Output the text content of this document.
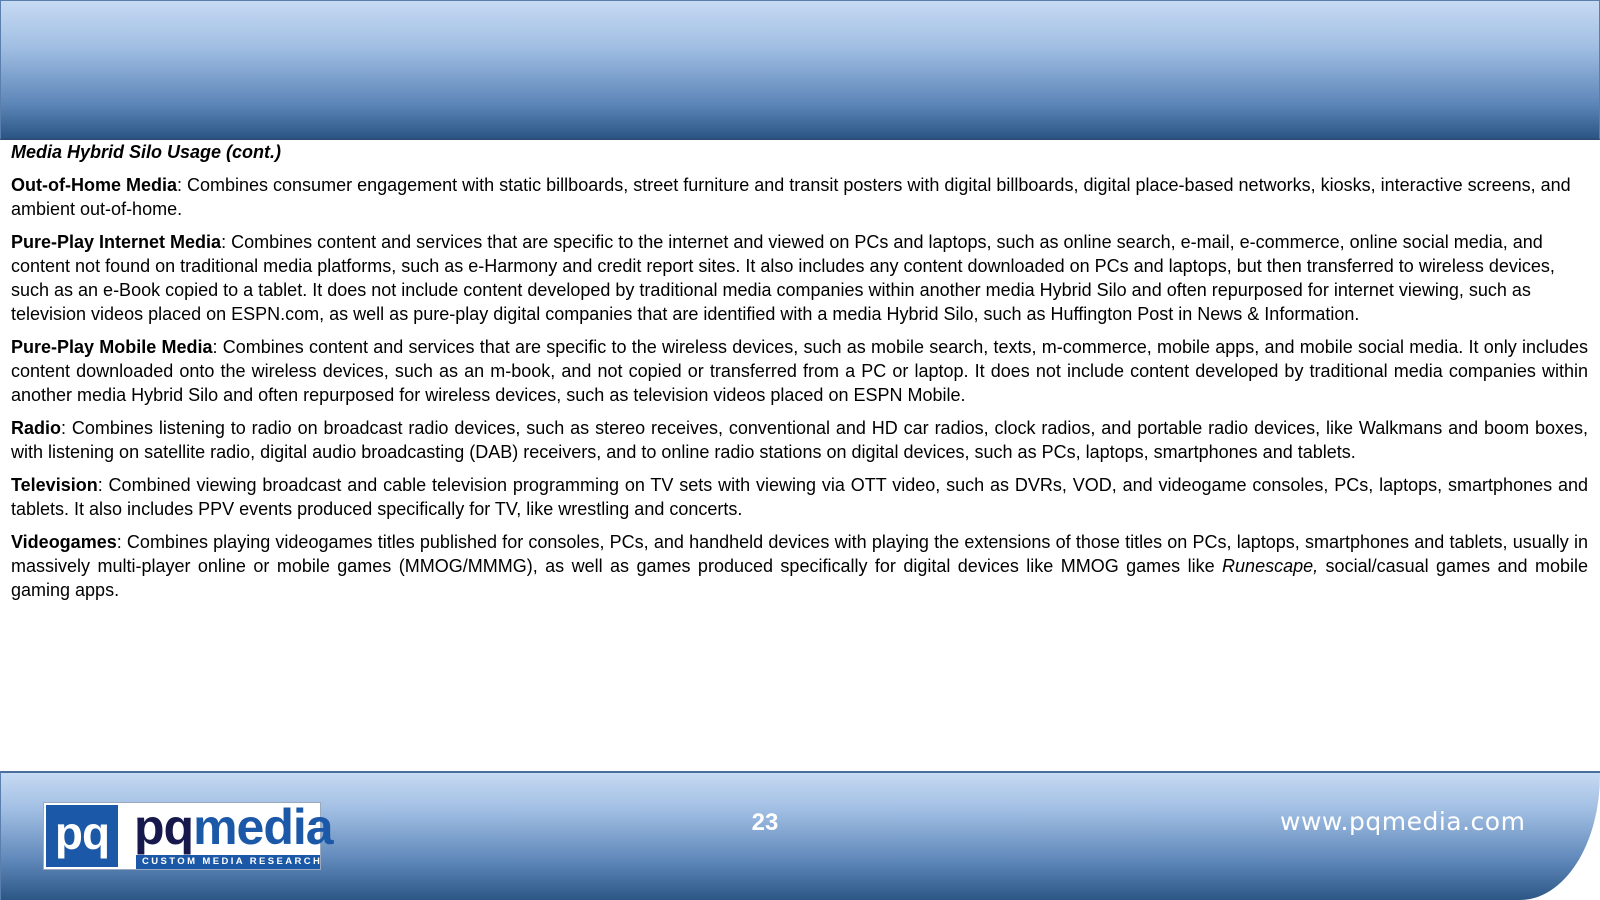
Media Hybrid Silo Usage (cont.)

Out-of-Home Media: Combines consumer engagement with static billboards, street furniture and transit posters with digital billboards, digital place-based networks, kiosks, interactive screens, and ambient out-of-home.

Pure-Play Internet Media: Combines content and services that are specific to the internet and viewed on PCs and laptops, such as online search, e-mail, e-commerce, online social media, and content not found on traditional media platforms, such as e-Harmony and credit report sites. It also includes any content downloaded on PCs and laptops, but then transferred to wireless devices, such as an e-Book copied to a tablet. It does not include content developed by traditional media companies within another media Hybrid Silo and often repurposed for internet viewing, such as television videos placed on ESPN.com, as well as pure-play digital companies that are identified with a media Hybrid Silo, such as Huffington Post in News & Information.

Pure-Play Mobile Media: Combines content and services that are specific to the wireless devices, such as mobile search, texts, m-commerce, mobile apps, and mobile social media. It only includes content downloaded onto the wireless devices, such as an m-book, and not copied or transferred from a PC or laptop. It does not include content developed by traditional media companies within another media Hybrid Silo and often repurposed for wireless devices, such as television videos placed on ESPN Mobile.

Radio: Combines listening to radio on broadcast radio devices, such as stereo receives, conventional and HD car radios, clock radios, and portable radio devices, like Walkmans and boom boxes, with listening on satellite radio, digital audio broadcasting (DAB) receivers, and to online radio stations on digital devices, such as PCs, laptops, smartphones and tablets.

Television: Combined viewing broadcast and cable television programming on TV sets with viewing via OTT video, such as DVRs, VOD, and videogame consoles, PCs, laptops, smartphones and tablets. It also includes PPV events produced specifically for TV, like wrestling and concerts.

Videogames: Combines playing videogames titles published for consoles, PCs, and handheld devices with playing the extensions of those titles on PCs, laptops, smartphones and tablets, usually in massively multi-player online or mobile games (MMOG/MMMG), as well as games produced specifically for digital devices like MMOG games like Runescape, social/casual games and mobile gaming apps.

pq pqmedia
CUSTOM MEDIA RESEARCH
23	www.pqmedia.com
